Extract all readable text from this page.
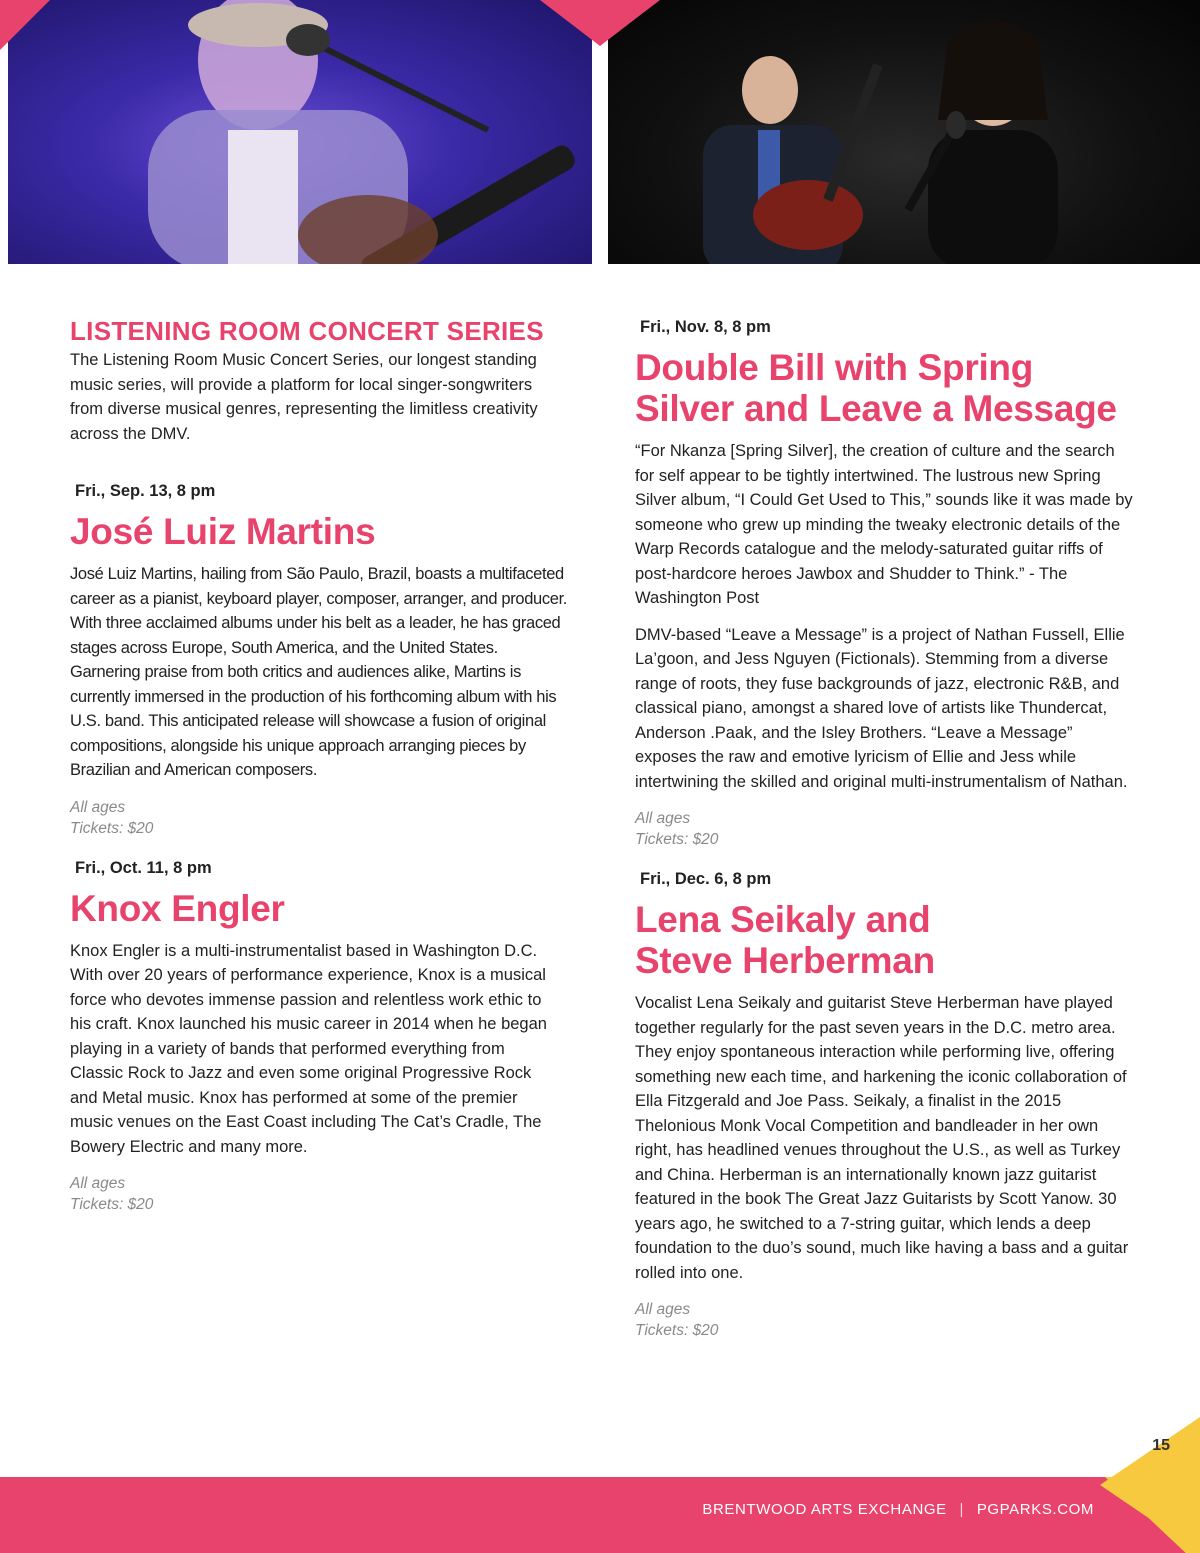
LISTENING ROOM CONCERT SERIES

The Listening Room Music Concert Series, our longest standing music series, will provide a platform for local singer-songwriters from diverse musical genres, representing the limitless creativity across the DMV.

Fri., Sep. 13, 8 pm
José Luiz Martins

José Luiz Martins, hailing from São Paulo, Brazil, boasts a multifaceted career as a pianist, keyboard player, composer, arranger, and producer. With three acclaimed albums under his belt as a leader, he has graced stages across Europe, South America, and the United States. Garnering praise from both critics and audiences alike, Martins is currently immersed in the production of his forthcoming album with his U.S. band. This anticipated release will showcase a fusion of original compositions, alongside his unique approach arranging pieces by Brazilian and American composers.

All ages
Tickets: $20
Fri., Oct. 11, 8 pm
Knox Engler

Knox Engler is a multi-instrumentalist based in Washington D.C. With over 20 years of performance experience, Knox is a musical force who devotes immense passion and relentless work ethic to his craft. Knox launched his music career in 2014 when he began playing in a variety of bands that performed everything from Classic Rock to Jazz and even some original Progressive Rock and Metal music. Knox has performed at some of the premier music venues on the East Coast including The Cat’s Cradle, The Bowery Electric and many more.

All ages
Tickets: $20
Fri., Nov. 8, 8 pm
Double Bill with Spring Silver and Leave a Message

“For Nkanza [Spring Silver], the creation of culture and the search for self appear to be tightly intertwined. The lustrous new Spring Silver album, “I Could Get Used to This,” sounds like it was made by someone who grew up minding the tweaky electronic details of the Warp Records catalogue and the melody-saturated guitar riffs of post-hardcore heroes Jawbox and Shudder to Think.” - The Washington Post

DMV-based “Leave a Message” is a project of Nathan Fussell, Ellie La’goon, and Jess Nguyen (Fictionals). Stemming from a diverse range of roots, they fuse backgrounds of jazz, electronic R&B, and classical piano, amongst a shared love of artists like Thundercat, Anderson .Paak, and the Isley Brothers. “Leave a Message” exposes the raw and emotive lyricism of Ellie and Jess while intertwining the skilled and original multi-instrumentalism of Nathan.

All ages
Tickets: $20
Fri., Dec. 6, 8 pm
Lena Seikaly and Steve Herberman

Vocalist Lena Seikaly and guitarist Steve Herberman have played together regularly for the past seven years in the D.C. metro area. They enjoy spontaneous interaction while performing live, offering something new each time, and harkening the iconic collaboration of Ella Fitzgerald and Joe Pass. Seikaly, a finalist in the 2015 Thelonious Monk Vocal Competition and bandleader in her own right, has headlined venues throughout the U.S., as well as Turkey and China. Herberman is an internationally known jazz guitarist featured in the book The Great Jazz Guitarists by Scott Yanow. 30 years ago, he switched to a 7-string guitar, which lends a deep foundation to the duo’s sound, much like having a bass and a guitar rolled into one.

All ages
Tickets: $20
15
BRENTWOOD ARTS EXCHANGE | PGPARKS.COM
